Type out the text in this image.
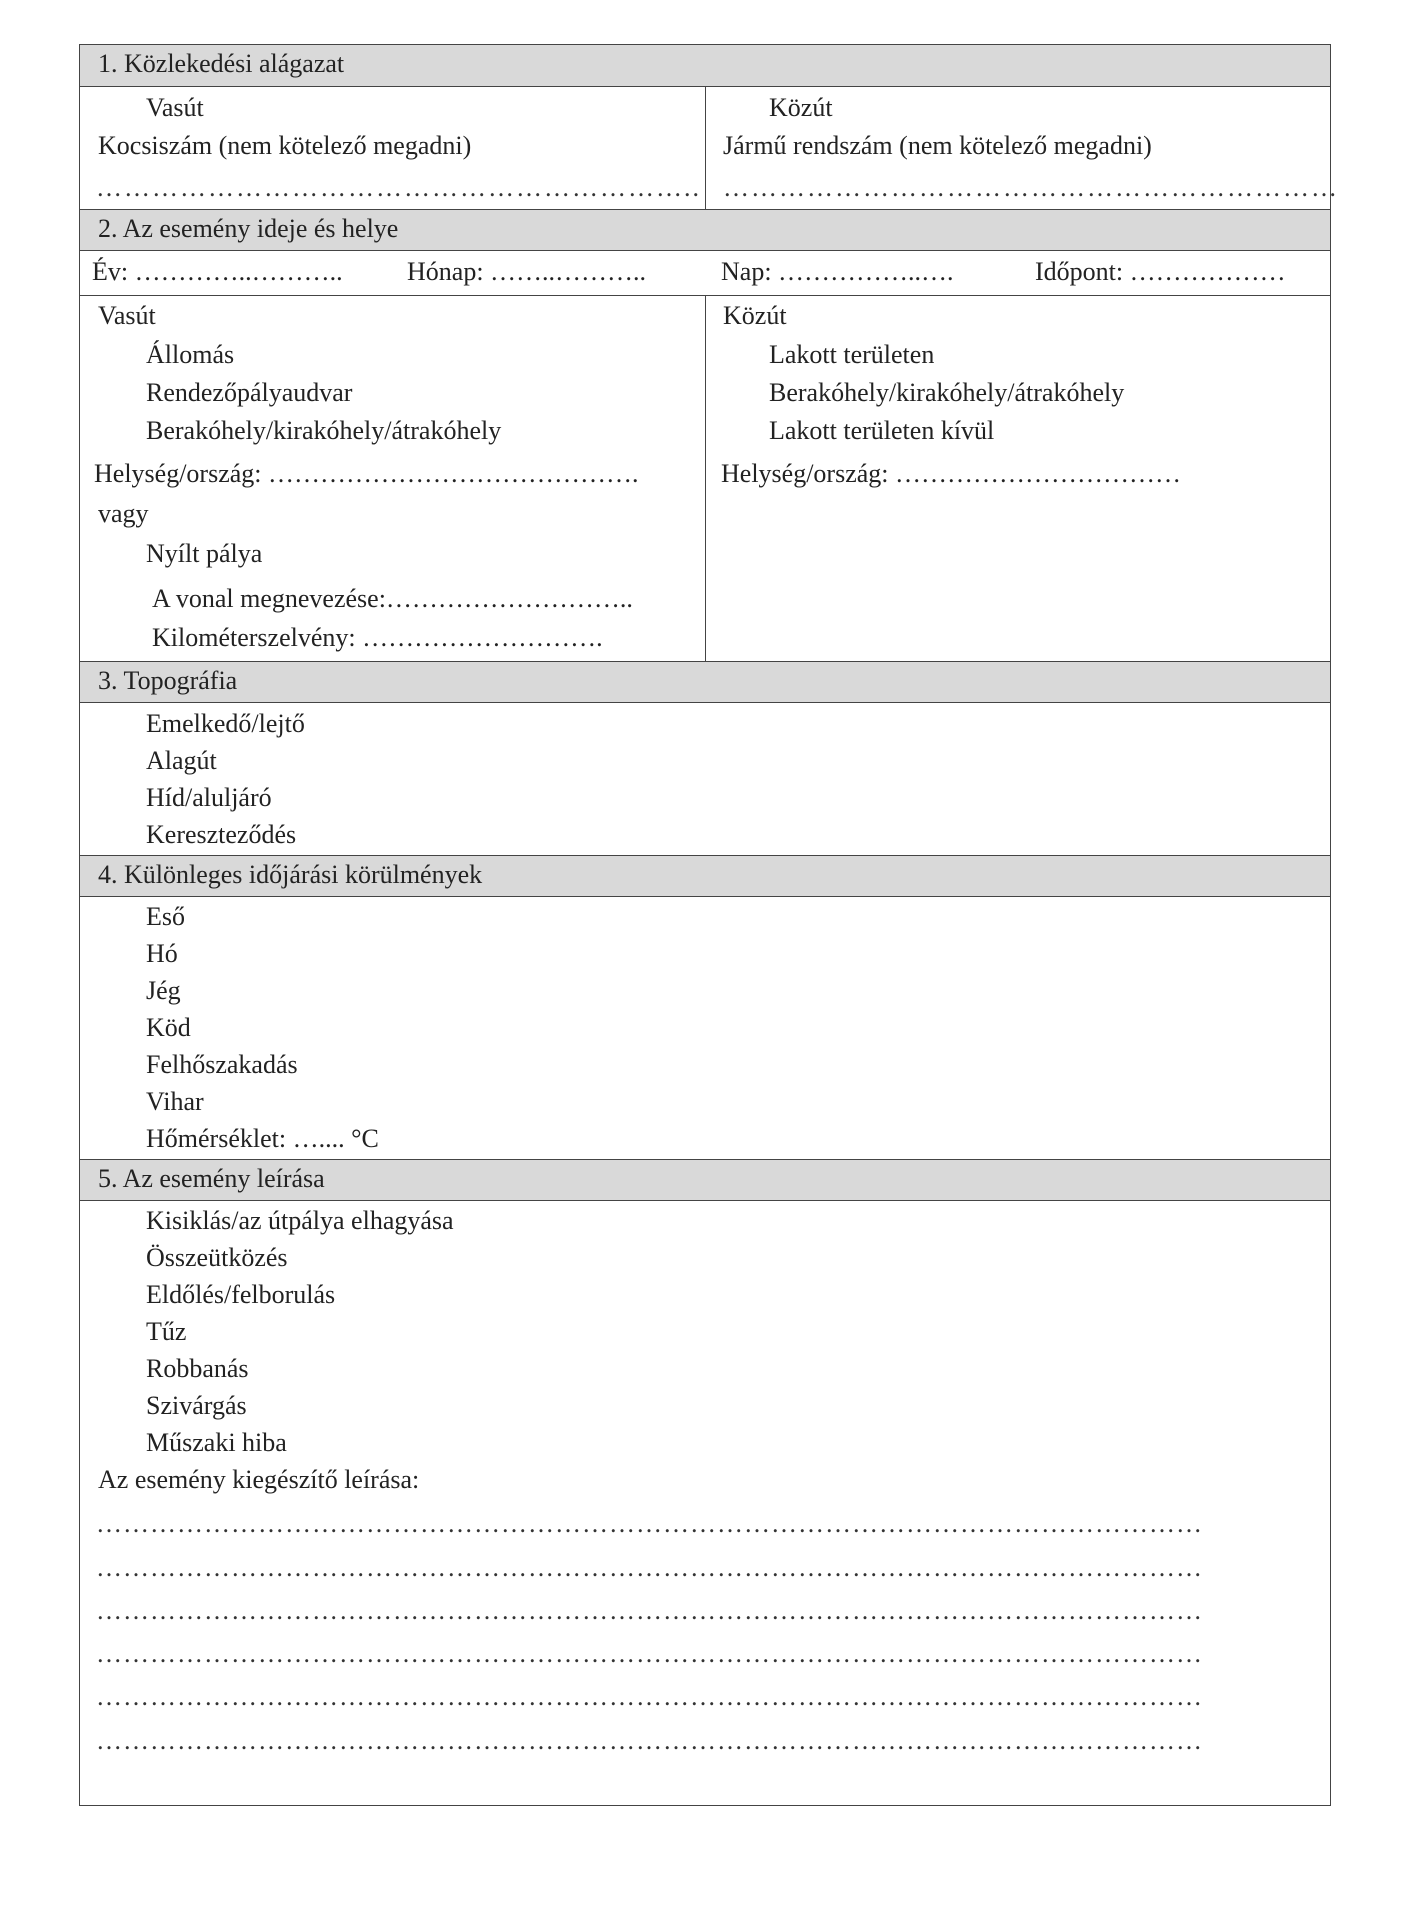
1. Közlekedési alágazat
Vasút
Kocsiszám (nem kötelező megadni)
………………………………………………………..
Közút
Jármű rendszám (nem kötelező megadni)
…………………………………………………………
2. Az esemény ideje és helye
Év: …………..……….. Hónap: ……..………..	Nap: ……………..….	Időpont: ………………
Vasút
Állomás
Rendezőpályaudvar
Berakóhely/kirakóhely/átrakóhely
Helység/ország: …………………………………….
vagy
Nyílt pálya
A vonal megnevezése:………………………..
Kilométerszelvény: ……………………….
Közút
Lakott területen
Berakóhely/kirakóhely/átrakóhely
Lakott területen kívül
Helység/ország: ……………………………
3. Topográfia
Emelkedő/lejtő
Alagút
Híd/aluljáró
Kereszteződés
4. Különleges időjárási körülmények
Eső
Hó
Jég
Köd
Felhőszakadás
Vihar
Hőmérséklet: ….... °C
5. Az esemény leírása
Kisiklás/az útpálya elhagyása
Összeütközés
Eldőlés/felborulás
Tűz
Robbanás
Szivárgás
Műszaki hiba
Az esemény kiegészítő leírása:
……………………………………………………………………………………………………………
……………………………………………………………………………………………………………
……………………………………………………………………………………………………………
……………………………………………………………………………………………………………
……………………………………………………………………………………………………………
……………………………………………………………………………………………………………
